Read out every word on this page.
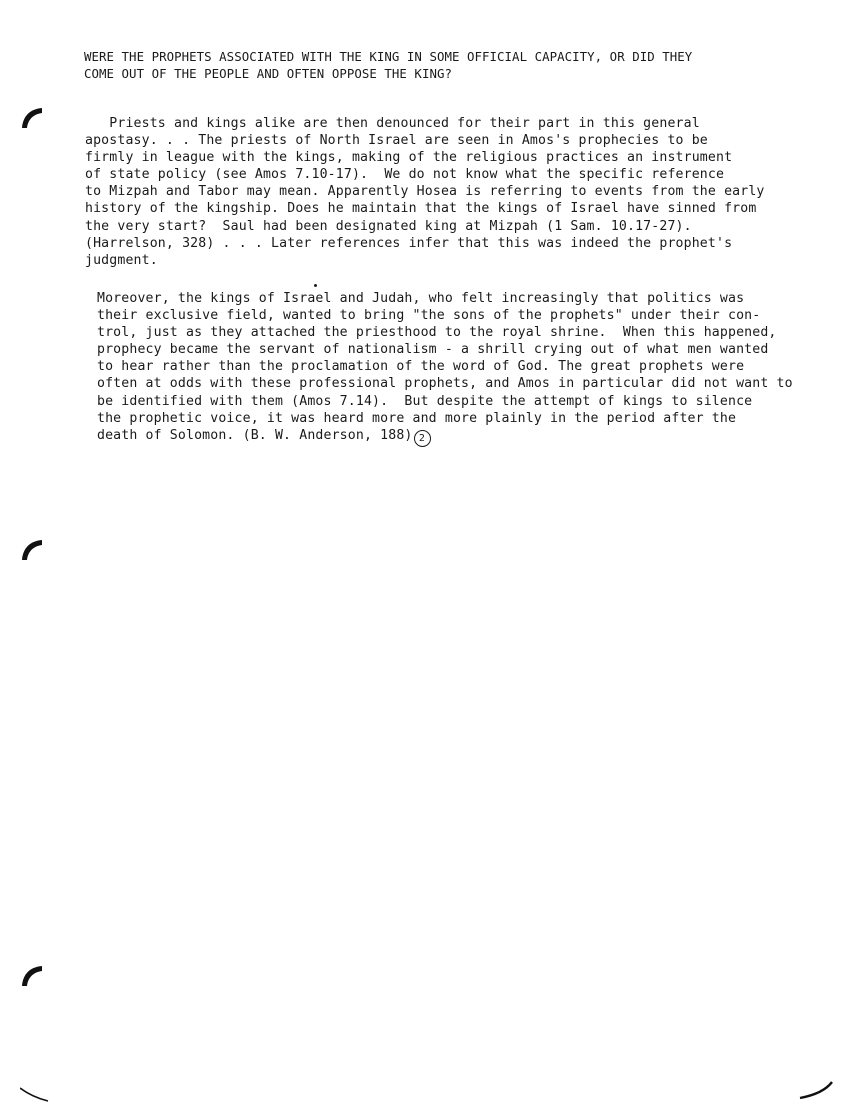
WERE THE PROPHETS ASSOCIATED WITH THE KING IN SOME OFFICIAL CAPACITY, OR DID THEY
COME OUT OF THE PEOPLE AND OFTEN OPPOSE THE KING?
Priests and kings alike are then denounced for their part in this general
apostasy. . . The priests of North Israel are seen in Amos's prophecies to be
firmly in league with the kings, making of the religious practices an instrument
of state policy (see Amos 7.10-17).  We do not know what the specific reference
to Mizpah and Tabor may mean. Apparently Hosea is referring to events from the early
history of the kingship. Does he maintain that the kings of Israel have sinned from
the very start?  Saul had been designated king at Mizpah (1 Sam. 10.17-27).
(Harrelson, 328) . . . Later references infer that this was indeed the prophet's
judgment.
Moreover, the kings of Israel and Judah, who felt increasingly that politics was
their exclusive field, wanted to bring "the sons of the prophets" under their con-
trol, just as they attached the priesthood to the royal shrine.  When this happened,
prophecy became the servant of nationalism - a shrill crying out of what men wanted
to hear rather than the proclamation of the word of God. The great prophets were
often at odds with these professional prophets, and Amos in particular did not want to
be identified with them (Amos 7.14).  But despite the attempt of kings to silence
the prophetic voice, it was heard more and more plainly in the period after the
death of Solomon. (B. W. Anderson, 188) 2
